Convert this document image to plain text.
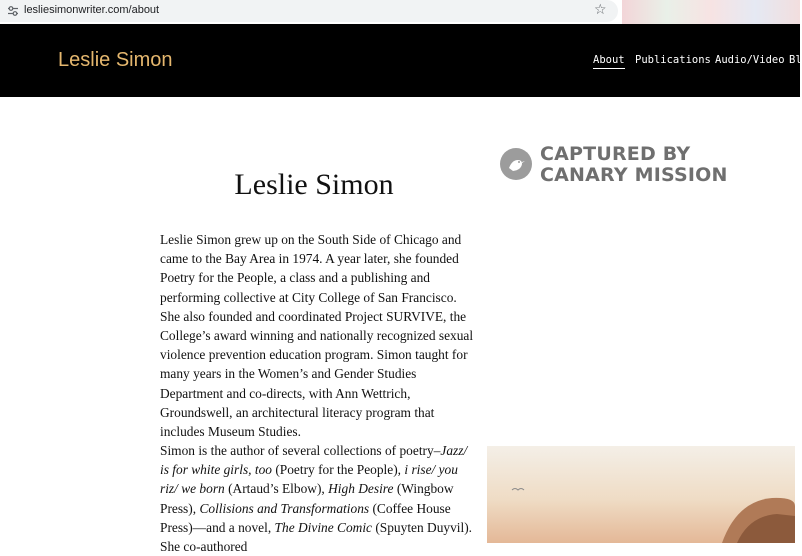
lesliesimonwriter.com/about	☆
Leslie Simon	About Publications Audio/Video Bl
CAPTURED BY
CANARY MISSION
Leslie Simon

Leslie Simon grew up on the South Side of Chicago and came to the Bay Area in 1974. A year later, she founded Poetry for the People, a class and a publishing and performing collective at City College of San Francisco. She also founded and coordinated Project SURVIVE, the College’s award winning and nationally recognized sexual violence prevention education program. Simon taught for many years in the Women’s and Gender Studies Department and co-directs, with Ann Wettrich, Groundswell, an architectural literacy program that includes Museum Studies.

Simon is the author of several collections of poetry–Jazz/ is for white girls, too (Poetry for the People), i rise/ you riz/ we born (Artaud’s Elbow), High Desire (Wingbow Press), Collisions and Transformations (Coffee House Press)—and a novel, The Divine Comic (Spuyten Duyvil). She co-authored
